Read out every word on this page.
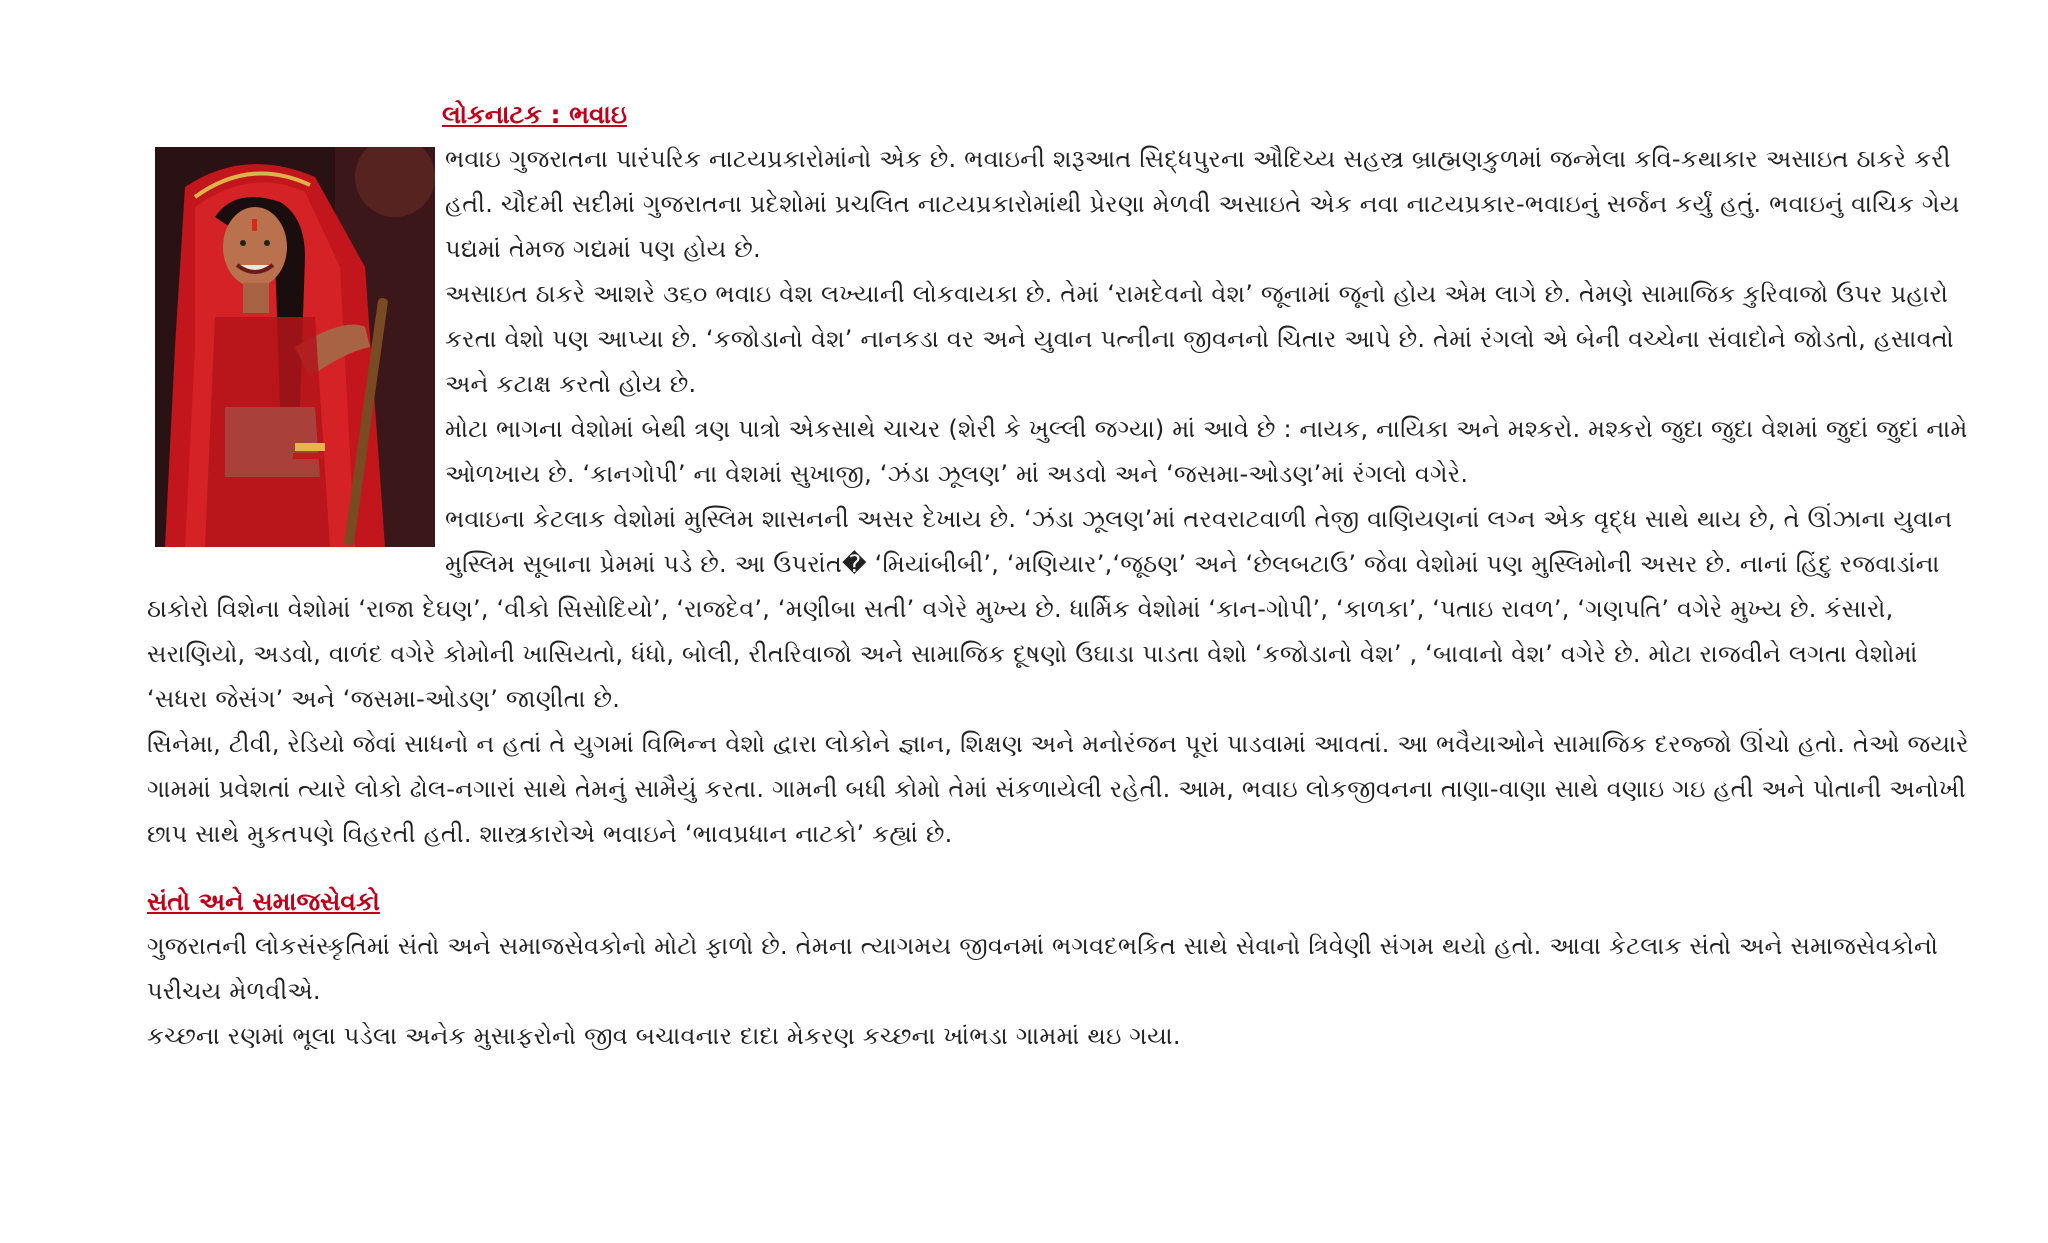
લોકનાટક : ભવાઇ

ભવાઇ ગુજરાતના પારંપરિક નાટયપ્રકારોમાંનો એક છે. ભવાઇની શરૂઆત સિદ્ધપુરના ઔદિચ્ય સહસ્ત્ર બ્રાહ્મણકુળમાં જન્મેલા કવિ-કથાકાર અસાઇત ઠાકરે કરી હતી. ચૌદમી સદીમાં ગુજરાતના પ્રદેશોમાં પ્રચલિત નાટયપ્રકારોમાંથી પ્રેરણા મેળવી અસાઇતે એક નવા નાટયપ્રકાર-ભવાઇનું સર્જન કર્યું હતું. ભવાઇનું વાચિક ગેય પદ્યમાં તેમજ ગદ્યમાં પણ હોય છે.

અસાઇત ઠાકરે આશરે ૩૬૦ ભવાઇ વેશ લખ્યાની લોકવાયકા છે. તેમાં ‘રામદેવનો વેશ’ જૂનામાં જૂનો હોય એમ લાગે છે. તેમણે સામાજિક કુરિવાજો ઉપર પ્રહારો કરતા વેશો પણ આપ્યા છે. ‘કજોડાનો વેશ’ નાનકડા વર અને યુવાન પત્નીના જીવનનો ચિતાર આપે છે. તેમાં રંગલો એ બેની વચ્ચેના સંવાદોને જોડતો, હસાવતો અને કટાક્ષ કરતો હોય છે.

મોટા ભાગના વેશોમાં બેથી ત્રણ પાત્રો એકસાથે ચાચર (શેરી કે ખુલ્લી જગ્યા) માં આવે છે : નાયક, નાયિકા અને મશ્કરો. મશ્કરો જુદા જુદા વેશમાં જુદાં જુદાં નામે ઓળખાય છે. ‘કાનગોપી’ ના વેશમાં સુખાજી, ‘ઝંડા ઝૂલણ’ માં અડવો અને ‘જસમા-ઓડણ’માં રંગલો વગેરે.

ભવાઇના કેટલાક વેશોમાં મુસ્લિમ શાસનની અસર દેખાય છે. ‘ઝંડા ઝૂલણ’માં તરવરાટવાળી તેજી વાણિયણનાં લગ્ન એક વૃદ્ધ સાથે થાય છે, તે ઊંઝાના યુવાન મુસ્લિમ સૂબાના પ્રેમમાં પડે છે. આ ઉપરાંત� ‘મિયાંબીબી’, ‘મણિયાર’,‘જૂઠણ’ અને ‘છેલબટાઉ’ જેવા વેશોમાં પણ મુસ્લિમોની અસર છે. નાનાં હિંદુ રજવાડાંના ઠાકોરો વિશેના વેશોમાં ‘રાજા દેઘણ’, ‘વીકો સિસોદિયો’, ‘રાજદેવ’, ‘મણીબા સતી’ વગેરે મુખ્ય છે. ધાર્મિક વેશોમાં ‘કાન-ગોપી’, ‘કાળકા’, ‘પતાઇ રાવળ’, ‘ગણપતિ’ વગેરે મુખ્ય છે. કંસારો, સરાણિયો, અડવો, વાળંદ વગેરે કોમોની ખાસિયતો, ધંધો, બોલી, રીતરિવાજો અને સામાજિક દૂષણો ઉઘાડા પાડતા વેશો ‘કજોડાનો વેશ’ , ‘બાવાનો વેશ’ વગેરે છે. મોટા રાજવીને લગતા વેશોમાં ‘સધરા જેસંગ’ અને ‘જસમા-ઓડણ’ જાણીતા છે.

સિનેમા, ટીવી, રેડિયો જેવાં સાધનો ન હતાં તે યુગમાં વિભિન્ન વેશો દ્વારા લોકોને જ્ઞાન, શિક્ષણ અને મનોરંજન પૂરાં પાડવામાં આવતાં. આ ભવૈયાઓને સામાજિક દરજ્જો ઊંચો હતો. તેઓ જયારે ગામમાં પ્રવેશતાં ત્યારે લોકો ઢોલ-નગારાં સાથે તેમનું સામૈયું કરતા. ગામની બધી કોમો તેમાં સંકળાયેલી રહેતી. આમ, ભવાઇ લોકજીવનના તાણા-વાણા સાથે વણાઇ ગઇ હતી અને પોતાની અનોખી છાપ સાથે મુકતપણે વિહરતી હતી. શાસ્ત્રકારોએ ભવાઇને ‘ભાવપ્રધાન નાટકો’ કહ્યાં છે.

સંતો અને સમાજસેવકો

ગુજરાતની લોકસંસ્કૃતિમાં સંતો અને સમાજસેવકોનો મોટો ફાળો છે. તેમના ત્યાગમય જીવનમાં ભગવદભકિત સાથે સેવાનો ત્રિવેણી સંગમ થયો હતો. આવા કેટલાક સંતો અને સમાજસેવકોનો પરીચય મેળવીએ.

કચ્છના રણમાં ભૂલા પડેલા અનેક મુસાફરોનો જીવ બચાવનાર દાદા મેકરણ કચ્છના ખાંભડા ગામમાં થઇ ગયા.
